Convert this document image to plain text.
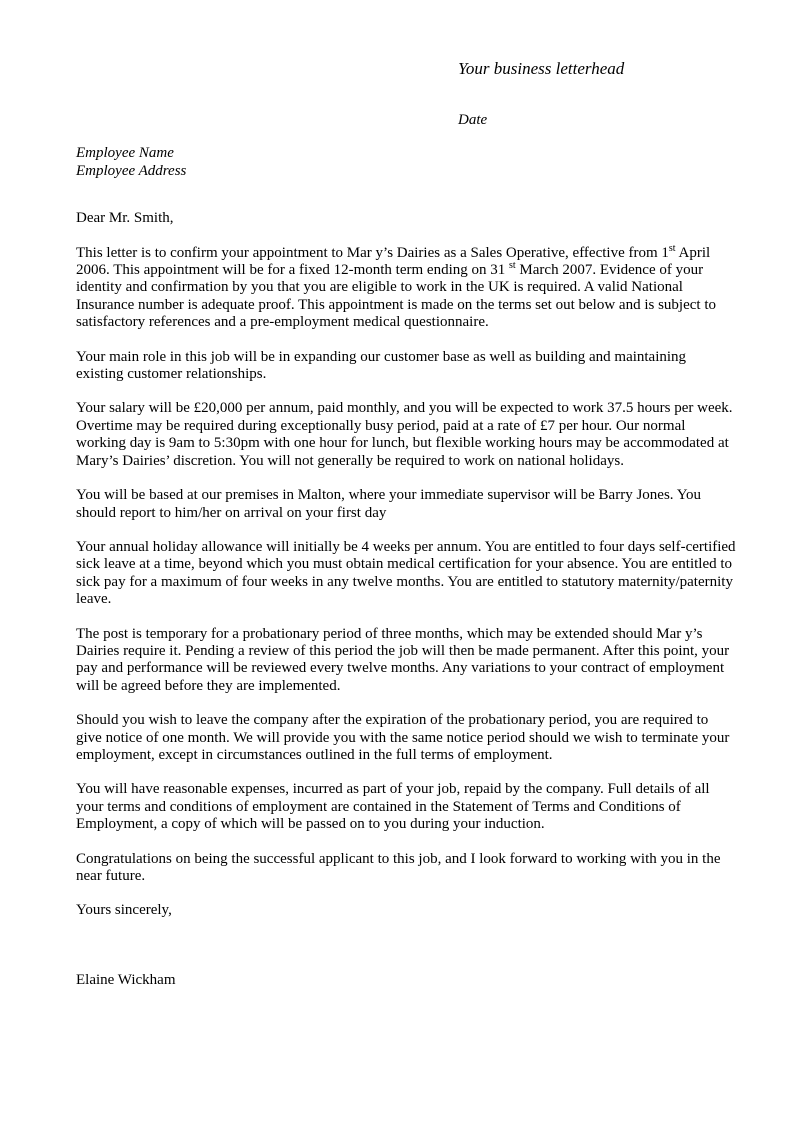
Your business letterhead
Date
Employee Name
Employee Address

Dear Mr. Smith,

This letter is to confirm your appointment to Mar y’s Dairies as a Sales Operative, effective from 1st April 2006. This appointment will be for a fixed 12-month term ending on 31 $^{st}$ March 2007. Evidence of your identity and confirmation by you that you are eligible to work in the UK is required. A valid National Insurance number is adequate proof. This appointment is made on the terms set out below and is subject to satisfactory references and a pre-employment medical questionnaire.

Your main role in this job will be in expanding our customer base as well as building and maintaining existing customer relationships.

Your salary will be £20,000 per annum, paid monthly, and you will be expected to work 37.5 hours per week. Overtime may be required during exceptionally busy period, paid at a rate of £7 per hour. Our normal working day is 9am to 5:30pm with one hour for lunch, but flexible working hours may be accommodated at Mary’s Dairies’ discretion. You will not generally be required to work on national holidays.

You will be based at our premises in Malton, where your immediate supervisor will be Barry Jones. You should report to him/her on arrival on your first day

Your annual holiday allowance will initially be 4 weeks per annum. You are entitled to four days self-certified sick leave at a time, beyond which you must obtain medical certification for your absence. You are entitled to sick pay for a maximum of four weeks in any twelve months. You are entitled to statutory maternity/paternity leave.

The post is temporary for a probationary period of three months, which may be extended should Mar y’s Dairies require it. Pending a review of this period the job will then be made permanent. After this point, your pay and performance will be reviewed every twelve months. Any variations to your contract of employment will be agreed before they are implemented.

Should you wish to leave the company after the expiration of the probationary period, you are required to give notice of one month. We will provide you with the same notice period should we wish to terminate your employment, except in circumstances outlined in the full terms of employment.

You will have reasonable expenses, incurred as part of your job, repaid by the company. Full details of all your terms and conditions of employment are contained in the Statement of Terms and Conditions of Employment, a copy of which will be passed on to you during your induction.

Congratulations on being the successful applicant to this job, and I look forward to working with you in the near future.

Yours sincerely,

Elaine Wickham
